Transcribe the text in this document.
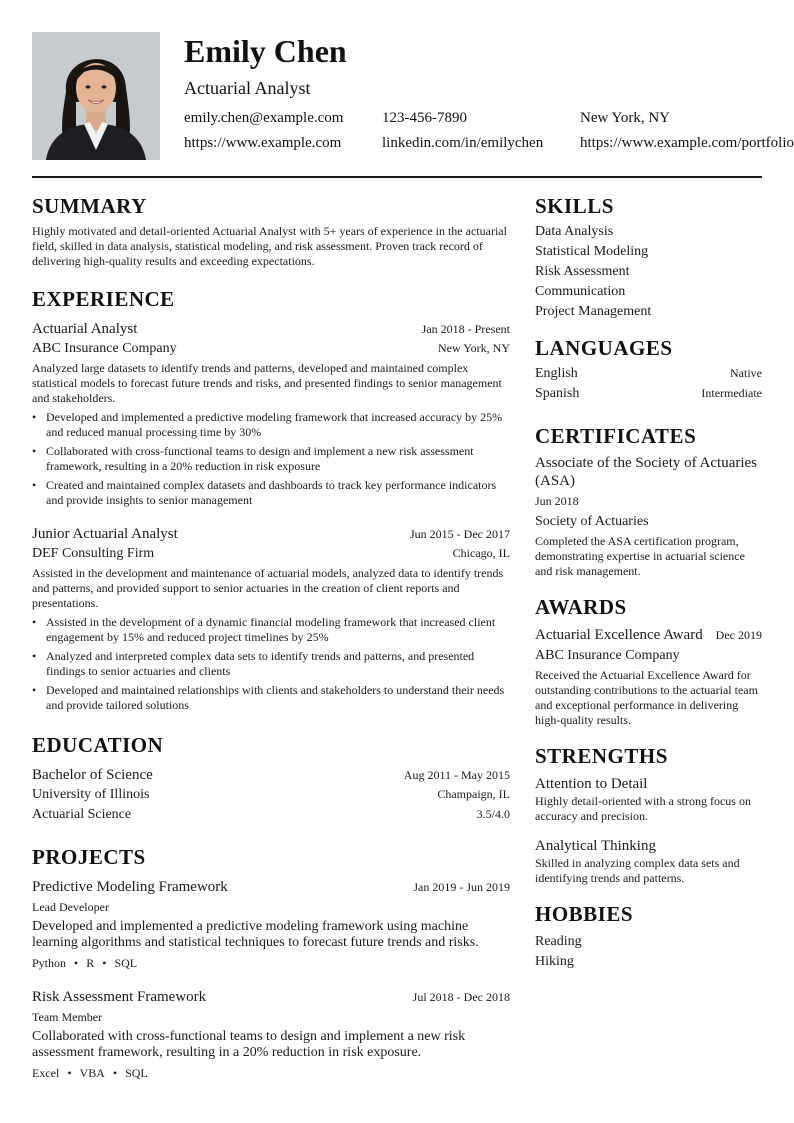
Emily Chen
Actuarial Analyst
emily.chen@example.com	123-456-7890	New York, NY
https://www.example.com	linkedin.com/in/emilychen https://www.example.com/portfolio
SUMMARY
Highly motivated and detail-oriented Actuarial Analyst with 5+ years of experience in the actuarial field, skilled in data analysis, statistical modeling, and risk assessment. Proven track record of delivering high-quality results and exceeding expectations.
EXPERIENCE
Actuarial Analyst	Jan 2018 - Present
ABC Insurance Company	New York, NY
Analyzed large datasets to identify trends and patterns, developed and maintained complex statistical models to forecast future trends and risks, and presented findings to senior management and stakeholders.
• Developed and implemented a predictive modeling framework that increased accuracy by 25% and reduced manual processing time by 30%
• Collaborated with cross-functional teams to design and implement a new risk assessment framework, resulting in a 20% reduction in risk exposure
• Created and maintained complex datasets and dashboards to track key performance indicators and provide insights to senior management
Junior Actuarial Analyst	Jun 2015 - Dec 2017
DEF Consulting Firm	Chicago, IL
Assisted in the development and maintenance of actuarial models, analyzed data to identify trends and patterns, and provided support to senior actuaries in the creation of client reports and presentations.
• Assisted in the development of a dynamic financial modeling framework that increased client engagement by 15% and reduced project timelines by 25%
• Analyzed and interpreted complex data sets to identify trends and patterns, and presented findings to senior actuaries and clients
• Developed and maintained relationships with clients and stakeholders to understand their needs and provide tailored solutions
EDUCATION
Bachelor of Science	Aug 2011 - May 2015
University of Illinois	Champaign, IL
Actuarial Science	3.5/4.0
PROJECTS
Predictive Modeling Framework	Jan 2019 - Jun 2019
Lead Developer
Developed and implemented a predictive modeling framework using machine learning algorithms and statistical techniques to forecast future trends and risks.
Python • R • SQL
Risk Assessment Framework	Jul 2018 - Dec 2018
Team Member
Collaborated with cross-functional teams to design and implement a new risk assessment framework, resulting in a 20% reduction in risk exposure.
Excel • VBA • SQL
SKILLS
Data Analysis
Statistical Modeling
Risk Assessment
Communication
Project Management
LANGUAGES
English	Native
Spanish	Intermediate
CERTIFICATES
Associate of the Society of Actuaries (ASA)
Jun 2018
Society of Actuaries
Completed the ASA certification program, demonstrating expertise in actuarial science and risk management.
AWARDS
Actuarial Excellence Award Dec 2019
ABC Insurance Company
Received the Actuarial Excellence Award for outstanding contributions to the actuarial team and exceptional performance in delivering high-quality results.
STRENGTHS
Attention to Detail
Highly detail-oriented with a strong focus on accuracy and precision.
Analytical Thinking
Skilled in analyzing complex data sets and identifying trends and patterns.
HOBBIES
Reading
Hiking
